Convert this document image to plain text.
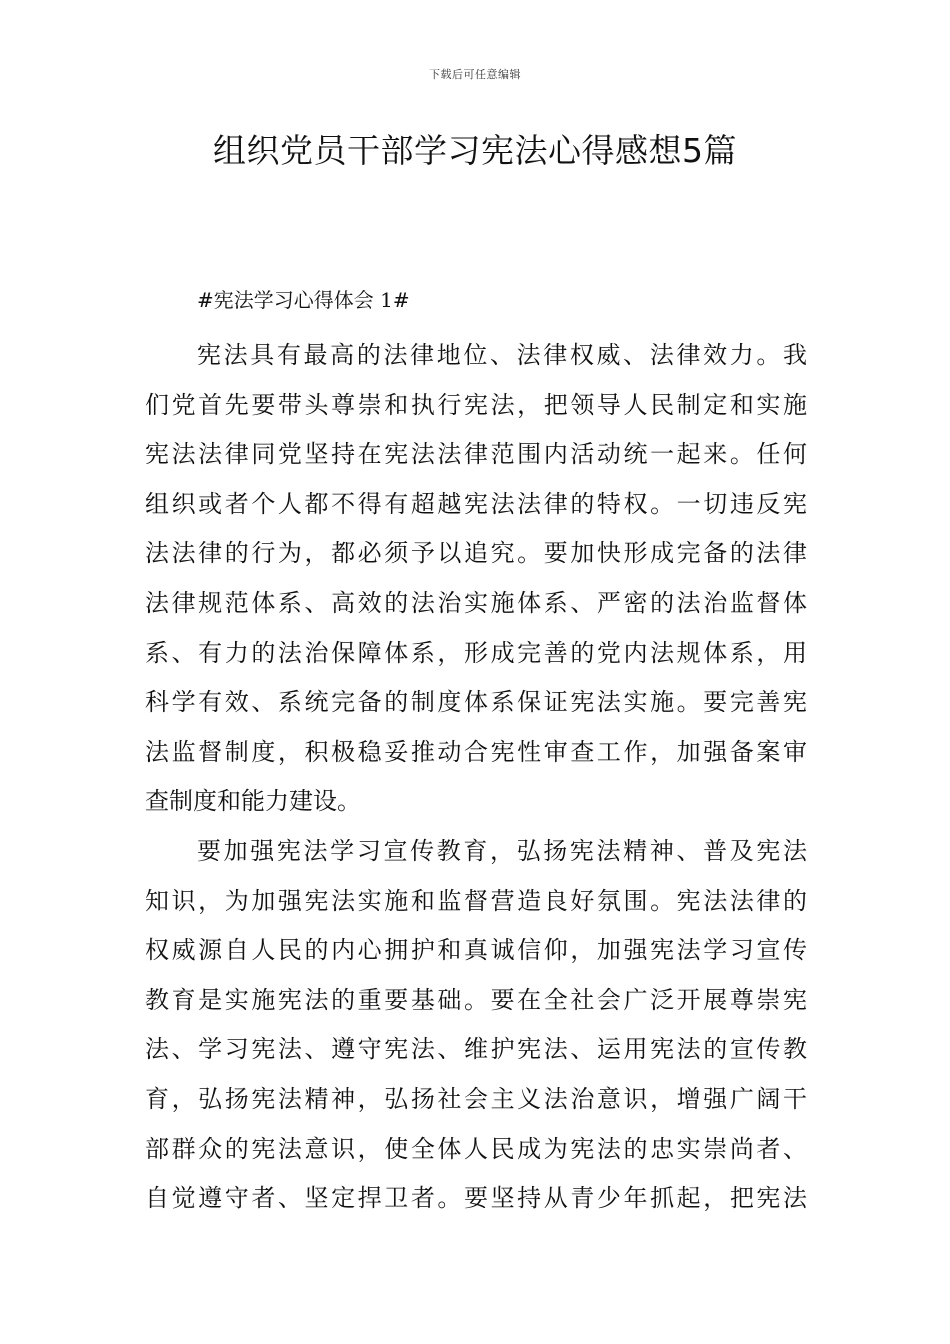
下载后可任意编辑
组织党员干部学习宪法心得感想5篇

#宪法学习心得体会 1#

宪法具有最高的法律地位、法律权威、法律效力。我
们党首先要带头尊崇和执行宪法，把领导人民制定和实施
宪法法律同党坚持在宪法法律范围内活动统一起来。任何
组织或者个人都不得有超越宪法法律的特权。一切违反宪
法法律的行为，都必须予以追究。要加快形成完备的法律
法律规范体系、高效的法治实施体系、严密的法治监督体
系、有力的法治保障体系，形成完善的党内法规体系，用
科学有效、系统完备的制度体系保证宪法实施。要完善宪
法监督制度，积极稳妥推动合宪性审查工作，加强备案审
查制度和能力建设。

要加强宪法学习宣传教育，弘扬宪法精神、普及宪法
知识，为加强宪法实施和监督营造良好氛围。宪法法律的
权威源自人民的内心拥护和真诚信仰，加强宪法学习宣传
教育是实施宪法的重要基础。要在全社会广泛开展尊崇宪
法、学习宪法、遵守宪法、维护宪法、运用宪法的宣传教
育，弘扬宪法精神，弘扬社会主义法治意识，增强广阔干
部群众的宪法意识，使全体人民成为宪法的忠实崇尚者、
自觉遵守者、坚定捍卫者。要坚持从青少年抓起，把宪法
